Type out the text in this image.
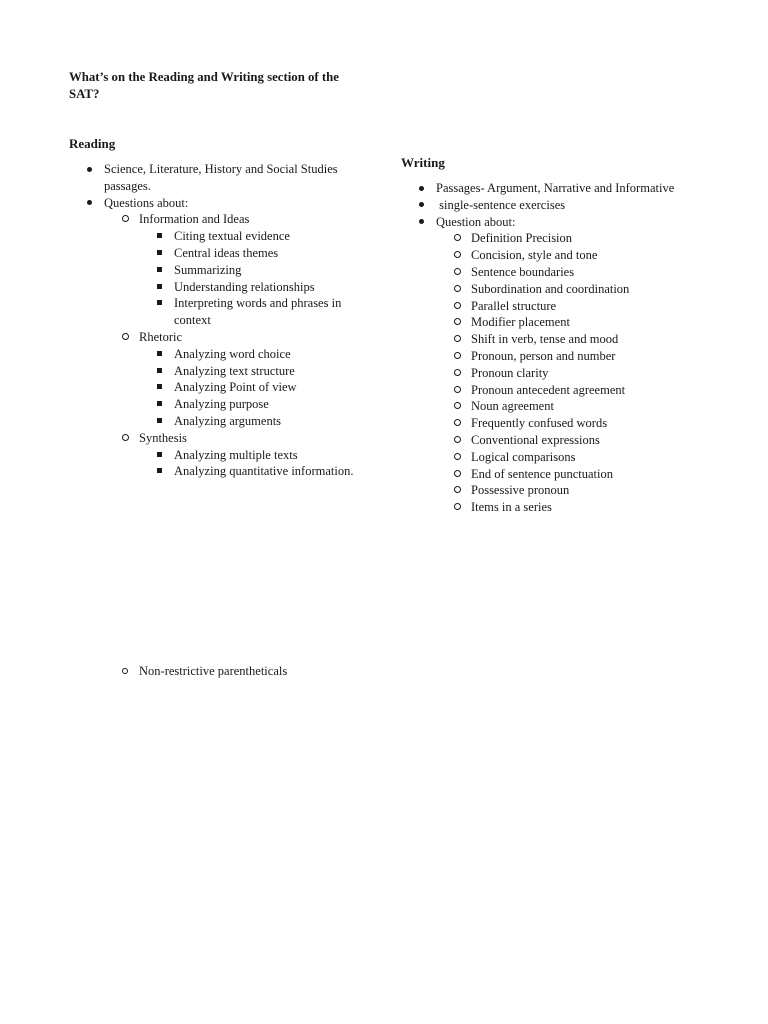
What’s on the Reading and Writing section of the SAT?
Reading
Science, Literature, History and Social Studies passages.
Questions about:
Information and Ideas
Citing textual evidence
Central ideas themes
Summarizing
Understanding relationships
Interpreting words and phrases in context
Rhetoric
Analyzing word choice
Analyzing text structure
Analyzing Point of view
Analyzing purpose
Analyzing arguments
Synthesis
Analyzing multiple texts
Analyzing quantitative information.
Non-restrictive parentheticals
Writing
Passages- Argument, Narrative and Informative
single-sentence exercises
Question about:
Definition Precision
Concision, style and tone
Sentence boundaries
Subordination and coordination
Parallel structure
Modifier placement
Shift in verb, tense and mood
Pronoun, person and number
Pronoun clarity
Pronoun antecedent agreement
Noun agreement
Frequently confused words
Conventional expressions
Logical comparisons
End of sentence punctuation
Possessive pronoun
Items in a series
